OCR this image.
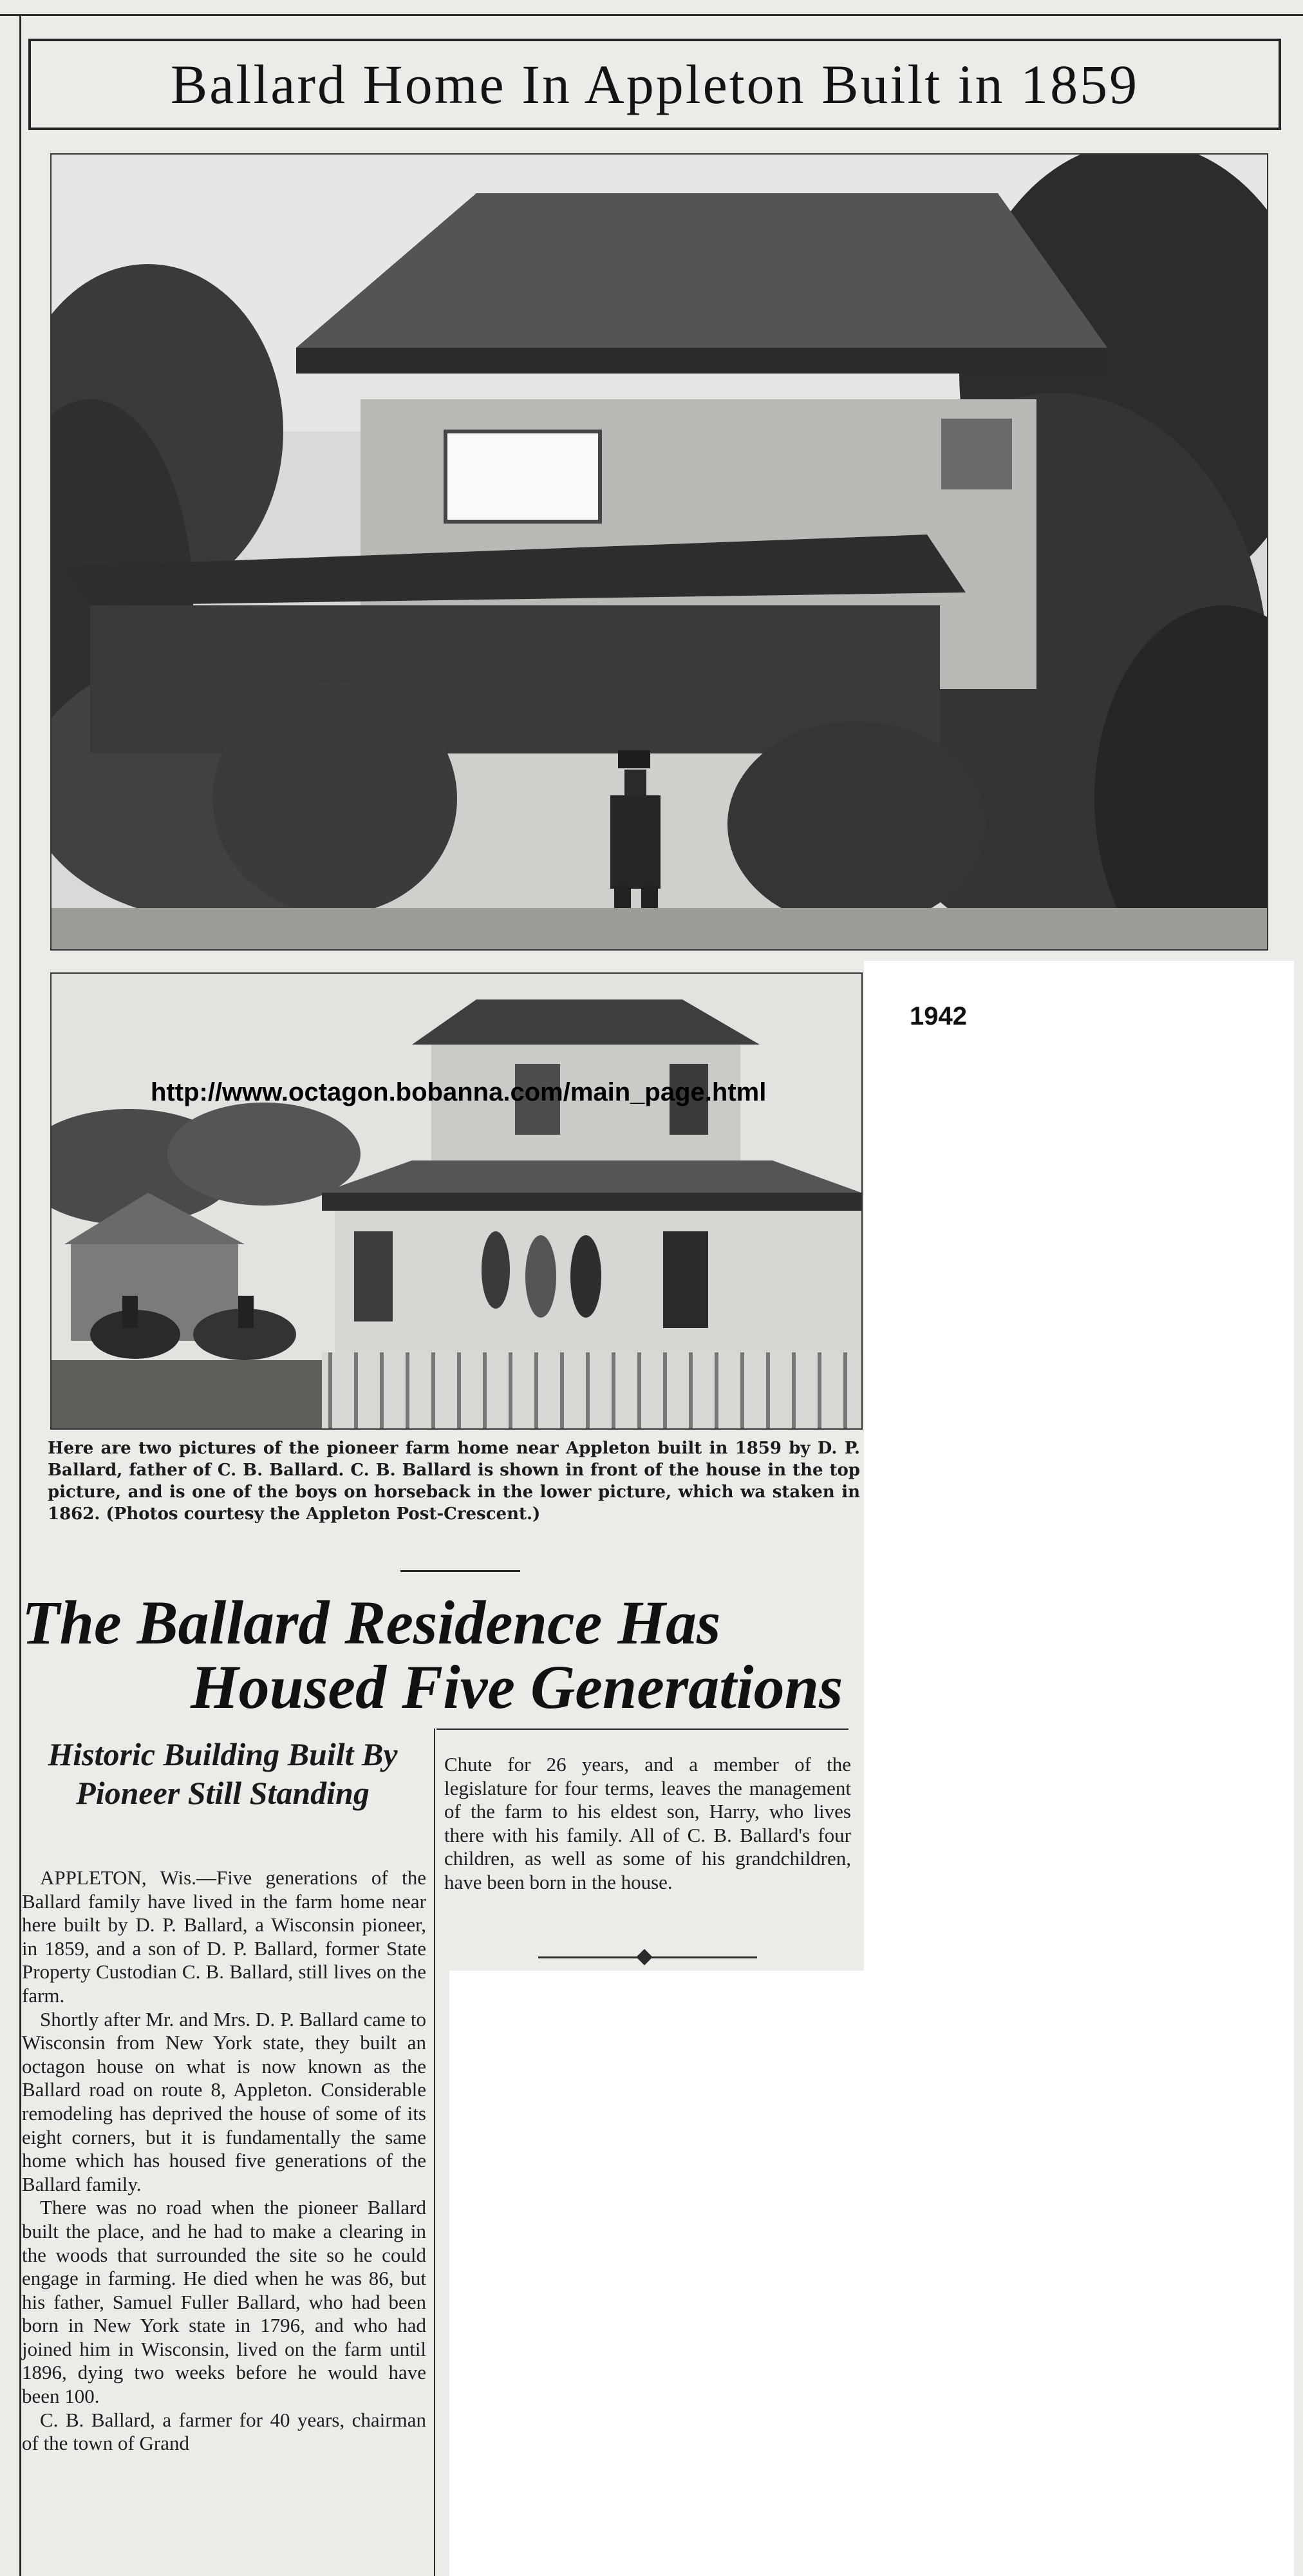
Ballard Home In Appleton Built in 1859
1942
http://www.octagon.bobanna.com/main_page.html
Here are two pictures of the pioneer farm home near Appleton built in 1859 by D. P. Ballard, father of C. B. Ballard. C. B. Ballard is shown in front of the house in the top picture, and is one of the boys on horseback in the lower picture, which wa staken in 1862. (Photos courtesy the Appleton Post-Crescent.)
The Ballard Residence Has
Housed Five Generations
Historic Building Built By Pioneer Still Standing

APPLETON, Wis.—Five generations of the Ballard family have lived in the farm home near here built by D. P. Ballard, a Wisconsin pioneer, in 1859, and a son of D. P. Ballard, former State Property Custodian C. B. Ballard, still lives on the farm.

Shortly after Mr. and Mrs. D. P. Ballard came to Wisconsin from New York state, they built an octagon house on what is now known as the Ballard road on route 8, Appleton. Considerable remodeling has deprived the house of some of its eight corners, but it is fundamentally the same home which has housed five generations of the Ballard family.

There was no road when the pioneer Ballard built the place, and he had to make a clearing in the woods that surrounded the site so he could engage in farming. He died when he was 86, but his father, Samuel Fuller Ballard, who had been born in New York state in 1796, and who had joined him in Wisconsin, lived on the farm until 1896, dying two weeks before he would have been 100.

C. B. Ballard, a farmer for 40 years, chairman of the town of Grand

Chute for 26 years, and a member of the legislature for four terms, leaves the management of the farm to his eldest son, Harry, who lives there with his family. All of C. B. Ballard's four children, as well as some of his grandchildren, have been born in the house.
